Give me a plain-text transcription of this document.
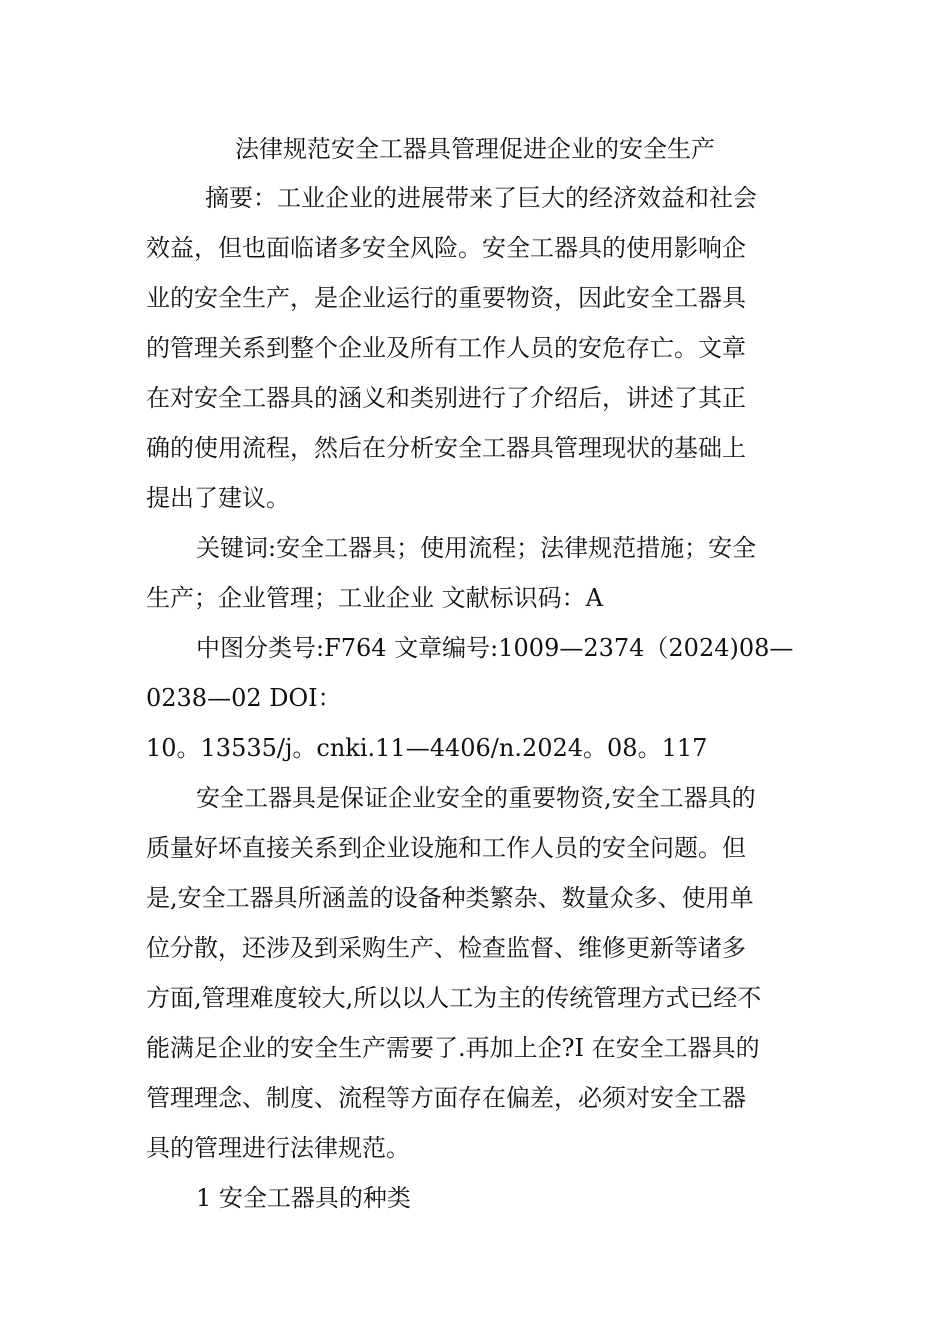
法律规范安全工器具管理促进企业的安全生产
摘要：工业企业的进展带来了巨大的经济效益和社会
效益，但也面临诸多安全风险。安全工器具的使用影响企
业的安全生产，是企业运行的重要物资，因此安全工器具
的管理关系到整个企业及所有工作人员的安危存亡。文章
在对安全工器具的涵义和类别进行了介绍后，讲述了其正
确的使用流程，然后在分析安全工器具管理现状的基础上
提出了建议。
关键词:安全工器具；使用流程；法律规范措施；安全
生产；企业管理；工业企业 文献标识码：A
中图分类号:F764 文章编号:1009—2374（2024)08—
0238—02 DOI：
10。13535/j。cnki.11—4406/n.2024。08。117
安全工器具是保证企业安全的重要物资,安全工器具的
质量好坏直接关系到企业设施和工作人员的安全问题。但
是,安全工器具所涵盖的设备种类繁杂、数量众多、使用单
位分散，还涉及到采购生产、检查监督、维修更新等诸多
方面,管理难度较大,所以以人工为主的传统管理方式已经不
能满足企业的安全生产需要了.再加上企?I 在安全工器具的
管理理念、制度、流程等方面存在偏差，必须对安全工器
具的管理进行法律规范。
1 安全工器具的种类
